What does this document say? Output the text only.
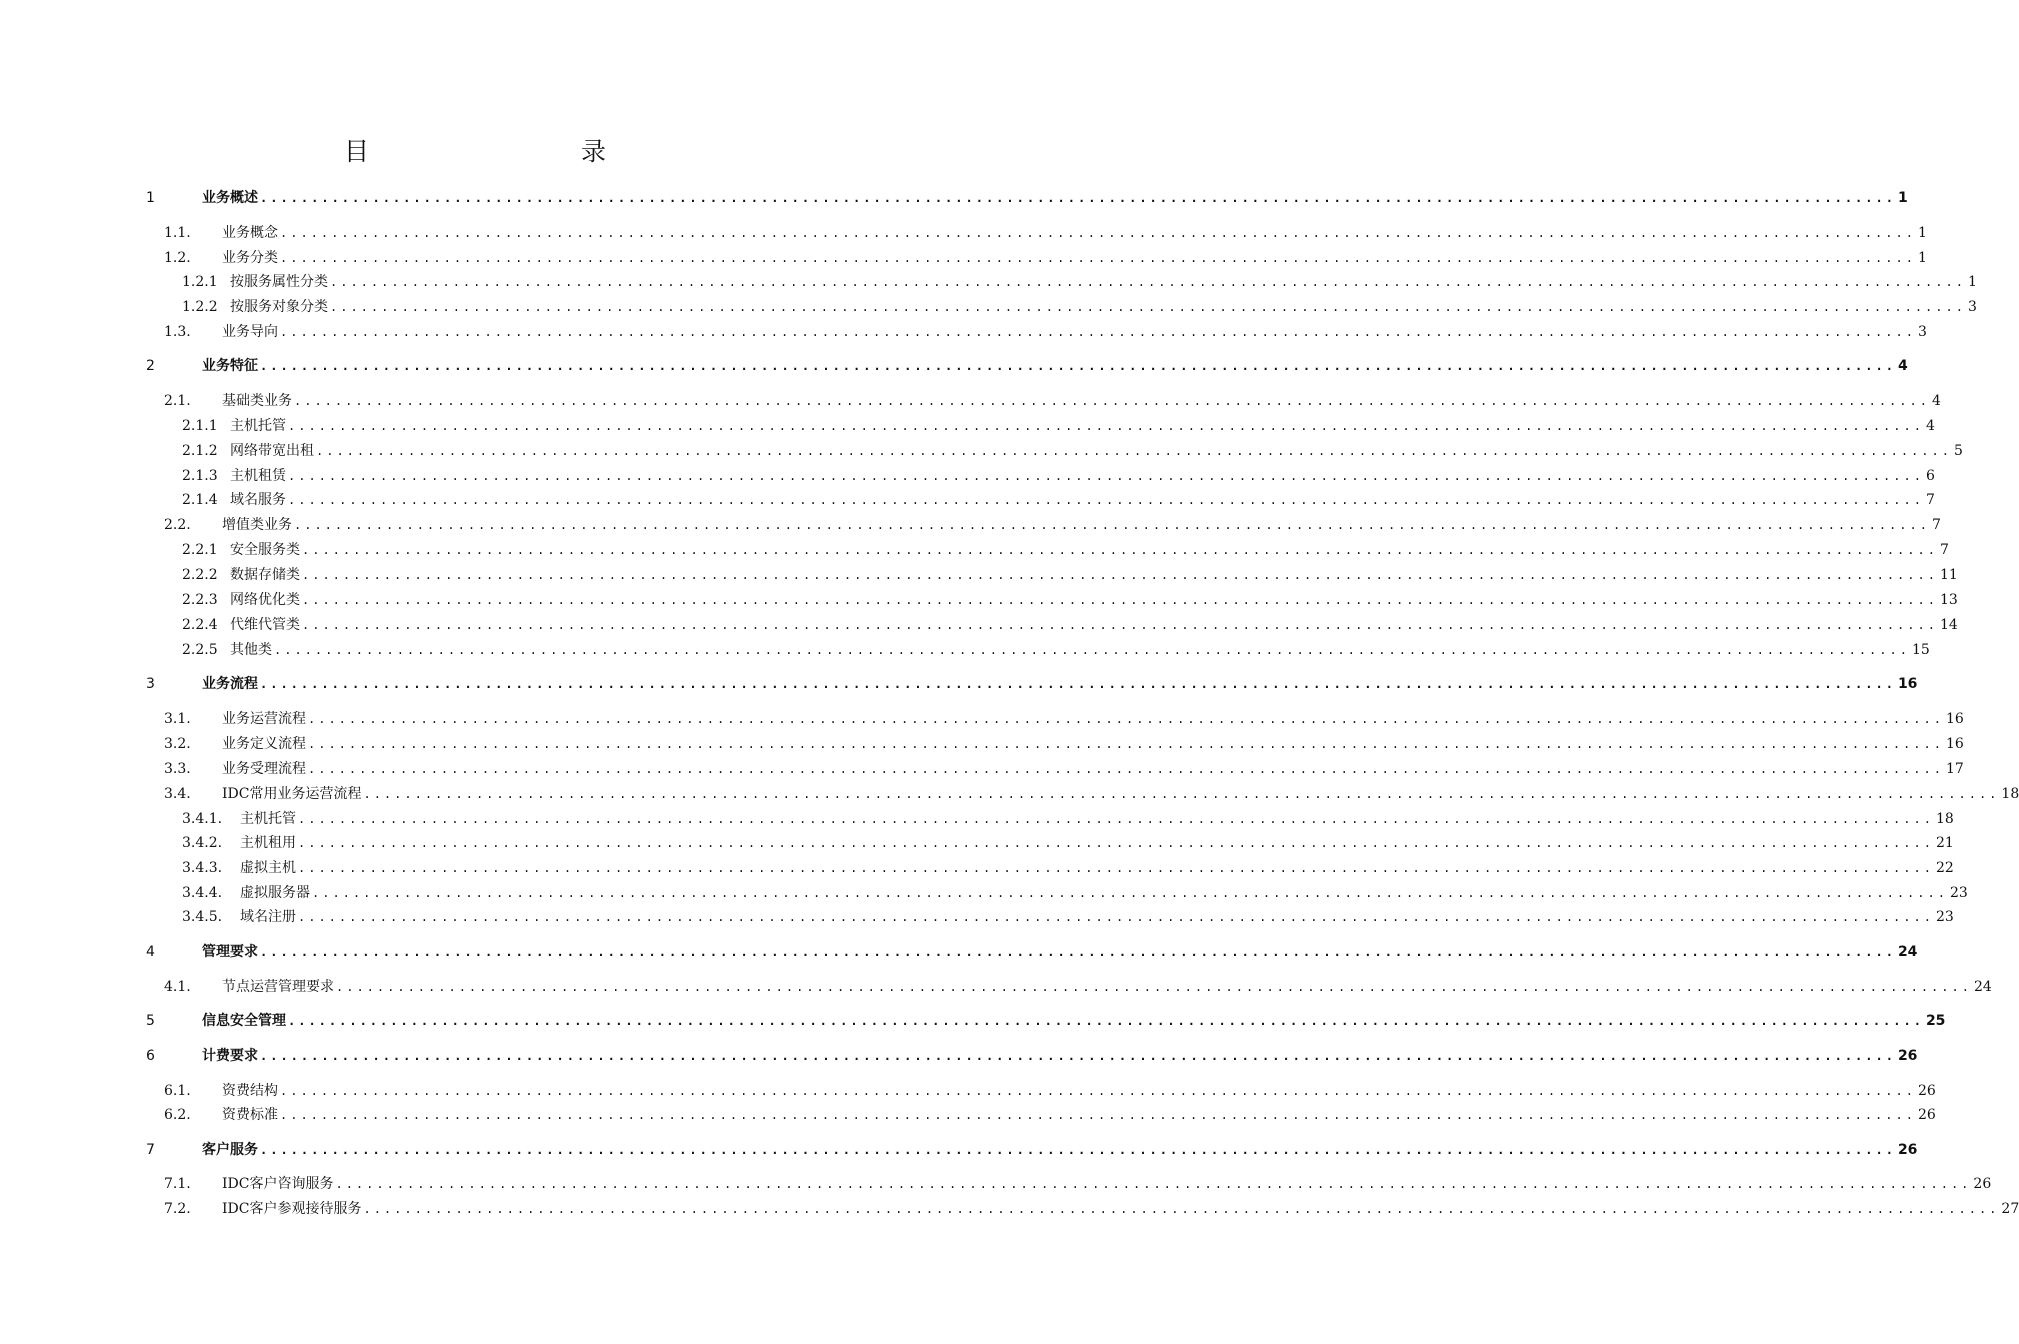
目　　录
1	业务概述 ................................................................................................................................................................ 1
1.1. 业务概念 ................................................................................................................................................................ 1
1.2. 业务分类 ................................................................................................................................................................ 1
1.2.1 按服务属性分类 ................................................................................................................................................................ 1
1.2.2 按服务对象分类 ................................................................................................................................................................ 3
1.3. 业务导向 ................................................................................................................................................................ 3
2	业务特征 ................................................................................................................................................................ 4
2.1. 基础类业务 ................................................................................................................................................................ 4
2.1.1 主机托管 ................................................................................................................................................................ 4
2.1.2 网络带宽出租 ................................................................................................................................................................ 5
2.1.3 主机租赁 ................................................................................................................................................................ 6
2.1.4 域名服务 ................................................................................................................................................................ 7
2.2. 增值类业务 ................................................................................................................................................................ 7
2.2.1 安全服务类 ................................................................................................................................................................ 7
2.2.2 数据存储类 ................................................................................................................................................................ 11
2.2.3 网络优化类 ................................................................................................................................................................ 13
2.2.4 代维代管类 ................................................................................................................................................................ 14
2.2.5 其他类 ................................................................................................................................................................ 15
3	业务流程 ................................................................................................................................................................ 16
3.1. 业务运营流程 ................................................................................................................................................................ 16
3.2. 业务定义流程 ................................................................................................................................................................ 16
3.3. 业务受理流程 ................................................................................................................................................................ 17
3.4. IDC常用业务运营流程 ................................................................................................................................................................ 18
3.4.1. 主机托管 ................................................................................................................................................................ 18
3.4.2. 主机租用 ................................................................................................................................................................ 21
3.4.3. 虚拟主机 ................................................................................................................................................................ 22
3.4.4. 虚拟服务器 ................................................................................................................................................................ 23
3.4.5. 域名注册 ................................................................................................................................................................ 23
4	管理要求 ................................................................................................................................................................ 24
4.1. 节点运营管理要求 ................................................................................................................................................................ 24
5	信息安全管理 ................................................................................................................................................................ 25
6	计费要求 ................................................................................................................................................................ 26
6.1. 资费结构 ................................................................................................................................................................ 26
6.2. 资费标准 ................................................................................................................................................................ 26
7	客户服务 ................................................................................................................................................................ 26
7.1. IDC客户咨询服务 ................................................................................................................................................................ 26
7.2. IDC客户参观接待服务 ................................................................................................................................................................ 27
